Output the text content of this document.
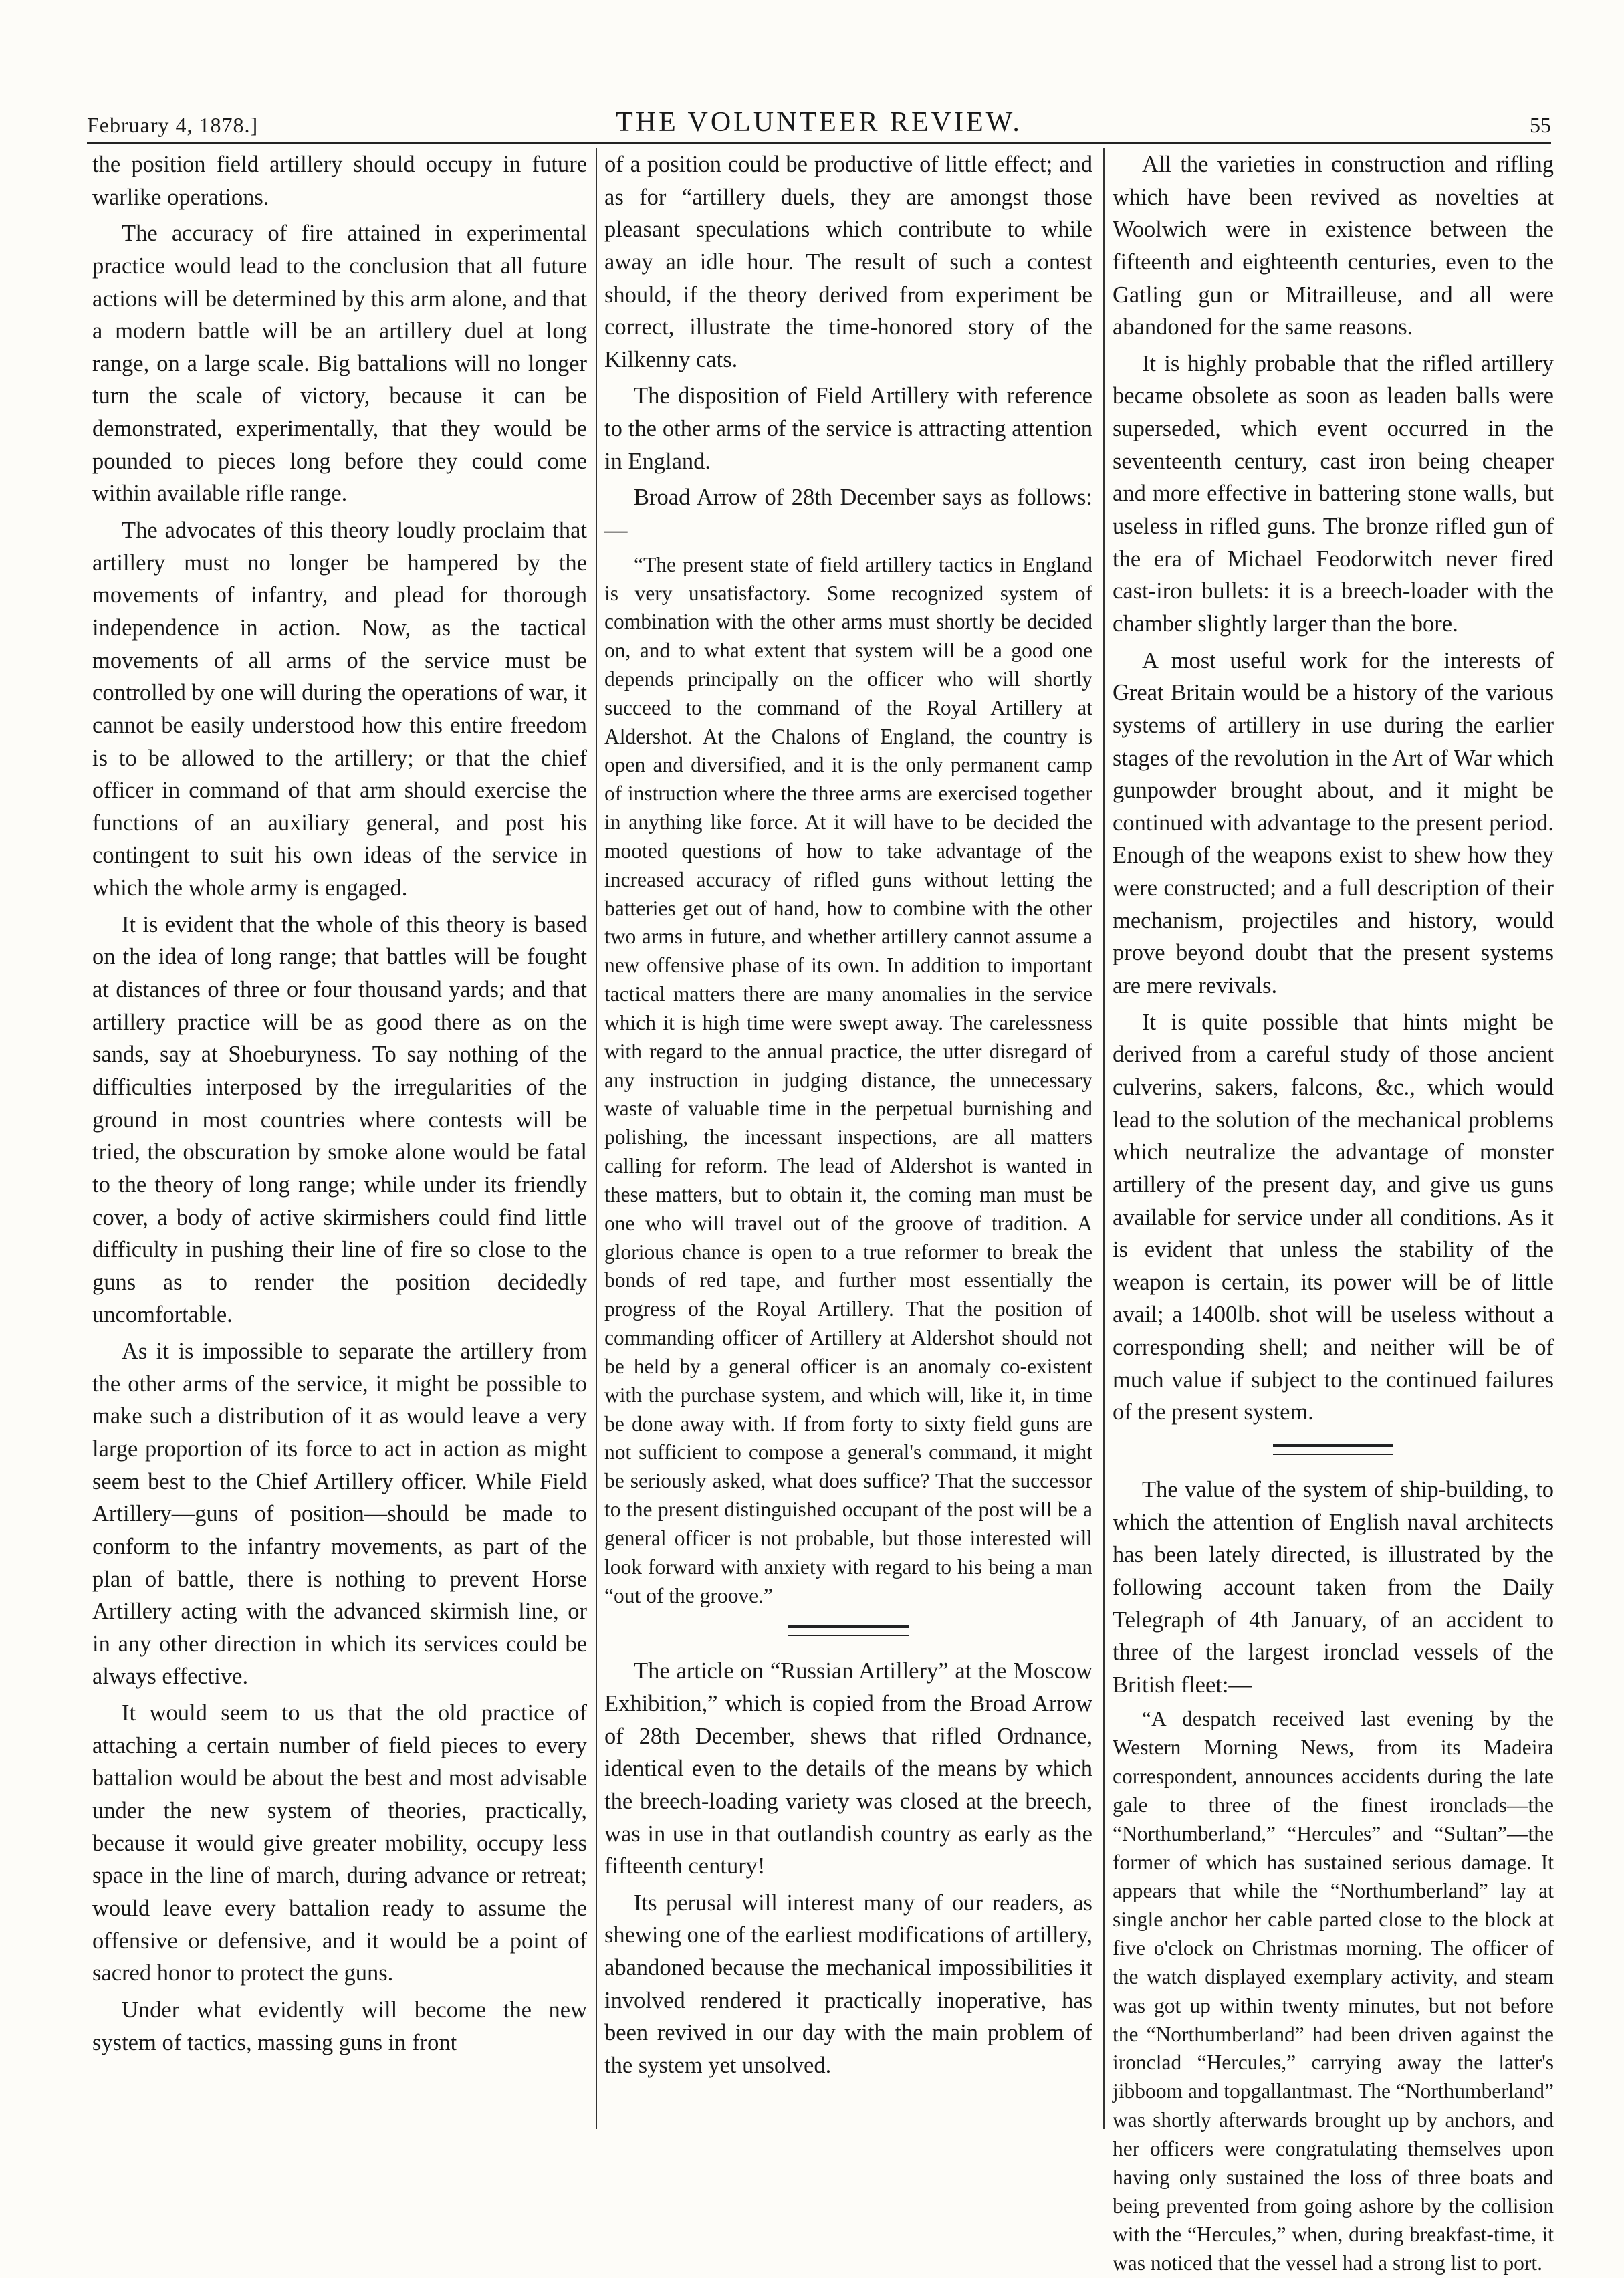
February 4, 1878.]	THE VOLUNTEER REVIEW.	55

the position field artillery should occupy in future warlike operations.

The accuracy of fire attained in experimental practice would lead to the conclusion that all future actions will be determined by this arm alone, and that a modern battle will be an artillery duel at long range, on a large scale. Big battalions will no longer turn the scale of victory, because it can be demonstrated, experimentally, that they would be pounded to pieces long before they could come within available rifle range.

The advocates of this theory loudly proclaim that artillery must no longer be hampered by the movements of infantry, and plead for thorough independence in action. Now, as the tactical movements of all arms of the service must be controlled by one will during the operations of war, it cannot be easily understood how this entire freedom is to be allowed to the artillery; or that the chief officer in command of that arm should exercise the functions of an auxiliary general, and post his contingent to suit his own ideas of the service in which the whole army is engaged.

It is evident that the whole of this theory is based on the idea of long range; that battles will be fought at distances of three or four thousand yards; and that artillery practice will be as good there as on the sands, say at Shoeburyness. To say nothing of the difficulties interposed by the irregularities of the ground in most countries where contests will be tried, the obscuration by smoke alone would be fatal to the theory of long range; while under its friendly cover, a body of active skirmishers could find little difficulty in pushing their line of fire so close to the guns as to render the position decidedly uncomfortable.

As it is impossible to separate the artillery from the other arms of the service, it might be possible to make such a distribution of it as would leave a very large proportion of its force to act in action as might seem best to the Chief Artillery officer. While Field Artillery—guns of position—should be made to conform to the infantry movements, as part of the plan of battle, there is nothing to prevent Horse Artillery acting with the advanced skirmish line, or in any other direction in which its services could be always effective.

It would seem to us that the old practice of attaching a certain number of field pieces to every battalion would be about the best and most advisable under the new system of theories, practically, because it would give greater mobility, occupy less space in the line of march, during advance or retreat; would leave every battalion ready to assume the offensive or defensive, and it would be a point of sacred honor to protect the guns.

Under what evidently will become the new system of tactics, massing guns in front

of a position could be productive of little effect; and as for “artillery duels, they are amongst those pleasant speculations which contribute to while away an idle hour. The result of such a contest should, if the theory derived from experiment be correct, illustrate the time-honored story of the Kilkenny cats.

The disposition of Field Artillery with reference to the other arms of the service is attracting attention in England.

Broad Arrow of 28th December says as follows:—

“The present state of field artillery tactics in England is very unsatisfactory. Some recognized system of combination with the other arms must shortly be decided on, and to what extent that system will be a good one depends principally on the officer who will shortly succeed to the command of the Royal Artillery at Aldershot. At the Chalons of England, the country is open and diversified, and it is the only permanent camp of instruction where the three arms are exercised together in anything like force. At it will have to be decided the mooted questions of how to take advantage of the increased accuracy of rifled guns without letting the batteries get out of hand, how to combine with the other two arms in future, and whether artillery cannot assume a new offensive phase of its own. In addition to important tactical matters there are many anomalies in the service which it is high time were swept away. The carelessness with regard to the annual practice, the utter disregard of any instruction in judging distance, the unnecessary waste of valuable time in the perpetual burnishing and polishing, the incessant inspections, are all matters calling for reform. The lead of Aldershot is wanted in these matters, but to obtain it, the coming man must be one who will travel out of the groove of tradition. A glorious chance is open to a true reformer to break the bonds of red tape, and further most essentially the progress of the Royal Artillery. That the position of commanding officer of Artillery at Aldershot should not be held by a general officer is an anomaly co-existent with the purchase system, and which will, like it, in time be done away with. If from forty to sixty field guns are not sufficient to compose a general's command, it might be seriously asked, what does suffice? That the successor to the present distinguished occupant of the post will be a general officer is not probable, but those interested will look forward with anxiety with regard to his being a man “out of the groove.”

The article on “Russian Artillery” at the Moscow Exhibition,” which is copied from the Broad Arrow of 28th December, shews that rifled Ordnance, identical even to the details of the means by which the breech-loading variety was closed at the breech, was in use in that outlandish country as early as the fifteenth century!

Its perusal will interest many of our readers, as shewing one of the earliest modifications of artillery, abandoned because the mechanical impossibilities it involved rendered it practically inoperative, has been revived in our day with the main problem of the system yet unsolved.

All the varieties in construction and rifling which have been revived as novelties at Woolwich were in existence between the fifteenth and eighteenth centuries, even to the Gatling gun or Mitrailleuse, and all were abandoned for the same reasons.

It is highly probable that the rifled artillery became obsolete as soon as leaden balls were superseded, which event occurred in the seventeenth century, cast iron being cheaper and more effective in battering stone walls, but useless in rifled guns. The bronze rifled gun of the era of Michael Feodorwitch never fired cast-iron bullets: it is a breech-loader with the chamber slightly larger than the bore.

A most useful work for the interests of Great Britain would be a history of the various systems of artillery in use during the earlier stages of the revolution in the Art of War which gunpowder brought about, and it might be continued with advantage to the present period. Enough of the weapons exist to shew how they were constructed; and a full description of their mechanism, projectiles and history, would prove beyond doubt that the present systems are mere revivals.

It is quite possible that hints might be derived from a careful study of those ancient culverins, sakers, falcons, &c., which would lead to the solution of the mechanical problems which neutralize the advantage of monster artillery of the present day, and give us guns available for service under all conditions. As it is evident that unless the stability of the weapon is certain, its power will be of little avail; a 1400lb. shot will be useless without a corresponding shell; and neither will be of much value if subject to the continued failures of the present system.

The value of the system of ship-building, to which the attention of English naval architects has been lately directed, is illustrated by the following account taken from the Daily Telegraph of 4th January, of an accident to three of the largest ironclad vessels of the British fleet:—

“A despatch received last evening by the Western Morning News, from its Madeira correspondent, announces accidents during the late gale to three of the finest ironclads—the “Northumberland,” “Hercules” and “Sultan”—the former of which has sustained serious damage. It appears that while the “Northumberland” lay at single anchor her cable parted close to the block at five o'clock on Christmas morning. The officer of the watch displayed exemplary activity, and steam was got up within twenty minutes, but not before the “Northumberland” had been driven against the ironclad “Hercules,” carrying away the latter's jibboom and topgallantmast. The “Northumberland” was shortly afterwards brought up by anchors, and her officers were congratulating themselves upon having only sustained the loss of three boats and being prevented from going ashore by the collision with the “Hercules,” when, during breakfast-time, it was noticed that the vessel had a strong list to port.
